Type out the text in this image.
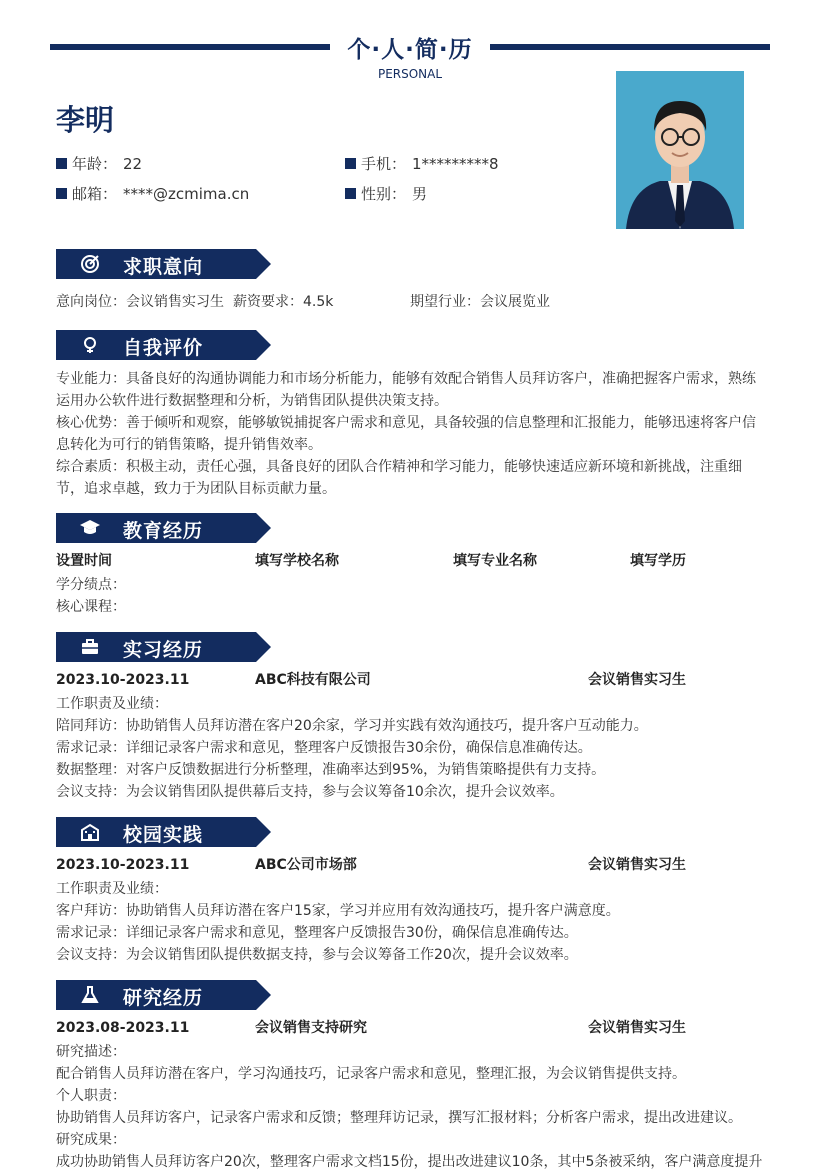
个·人·简·历
PERSONAL
李明
年龄： 22	手机： 1*********8
邮箱： ****@zcmima.cn	性别： 男
求职意向
意向岗位：会议销售实习生 薪资要求：4.5k	期望行业：会议展览业
自我评价
专业能力：具备良好的沟通协调能力和市场分析能力，能够有效配合销售人员拜访客户，准确把握客户需求，熟练运用办公软件进行数据整理和分析，为销售团队提供决策支持。
核心优势：善于倾听和观察，能够敏锐捕捉客户需求和意见，具备较强的信息整理和汇报能力，能够迅速将客户信息转化为可行的销售策略，提升销售效率。
综合素质：积极主动，责任心强，具备良好的团队合作精神和学习能力，能够快速适应新环境和新挑战，注重细节，追求卓越，致力于为团队目标贡献力量。
教育经历
设置时间	填写学校名称	填写专业名称	填写学历
学分绩点：
核心课程：
实习经历
2023.10-2023.11	ABC科技有限公司	会议销售实习生
工作职责及业绩：
陪同拜访：协助销售人员拜访潜在客户20余家，学习并实践有效沟通技巧，提升客户互动能力。
需求记录：详细记录客户需求和意见，整理客户反馈报告30余份，确保信息准确传达。
数据整理：对客户反馈数据进行分析整理，准确率达到95%，为销售策略提供有力支持。
会议支持：为会议销售团队提供幕后支持，参与会议筹备10余次，提升会议效率。
校园实践
2023.10-2023.11	ABC公司市场部	会议销售实习生
工作职责及业绩：
客户拜访：协助销售人员拜访潜在客户15家，学习并应用有效沟通技巧，提升客户满意度。
需求记录：详细记录客户需求和意见，整理客户反馈报告30份，确保信息准确传达。
会议支持：为会议销售团队提供数据支持，参与会议筹备工作20次，提升会议效率。
研究经历
2023.08-2023.11	会议销售支持研究	会议销售实习生
研究描述：
配合销售人员拜访潜在客户，学习沟通技巧，记录客户需求和意见，整理汇报，为会议销售提供支持。
个人职责：
协助销售人员拜访客户，记录客户需求和反馈；整理拜访记录，撰写汇报材料；分析客户需求，提出改进建议。
研究成果：
成功协助销售人员拜访客户20次，整理客户需求文档15份，提出改进建议10条，其中5条被采纳，客户满意度提升
